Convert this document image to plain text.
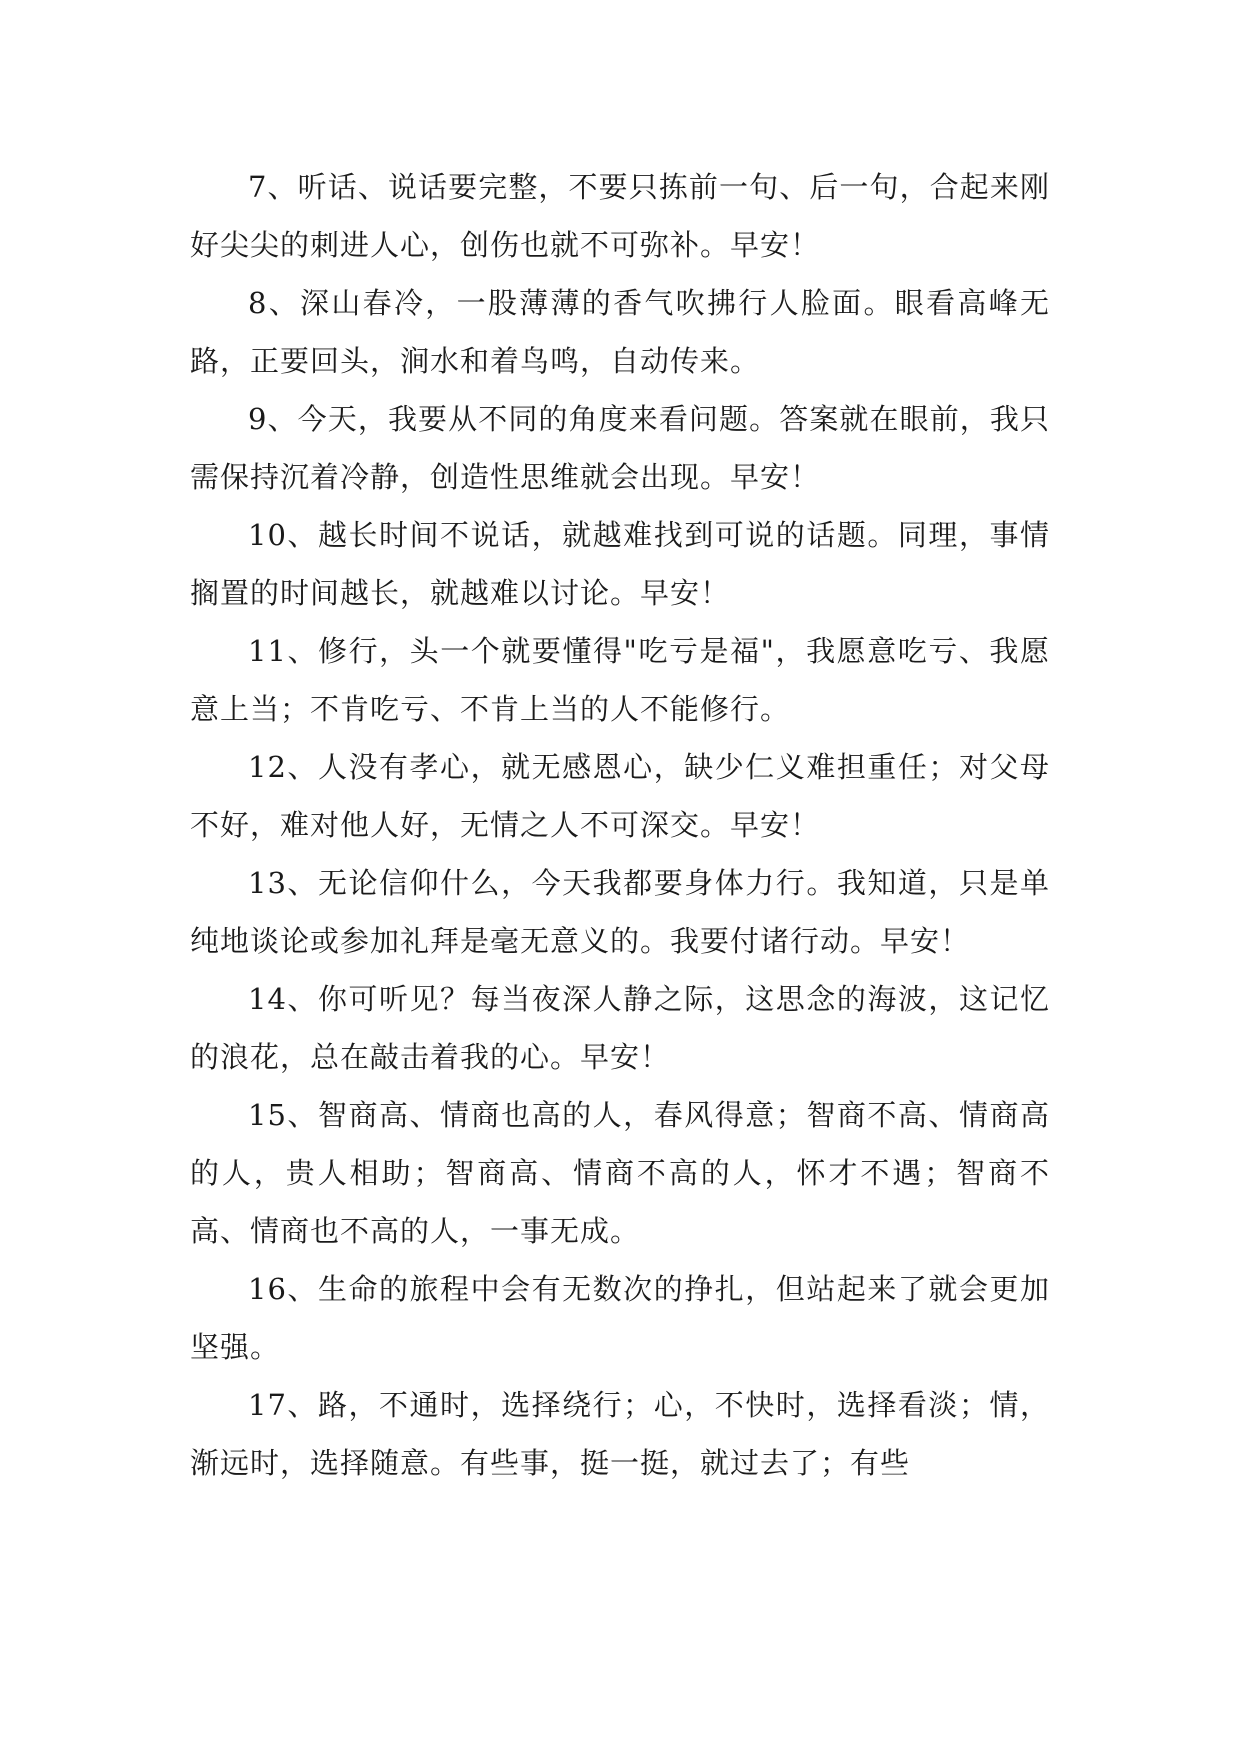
7、听话、说话要完整，不要只拣前一句、后一句，合起来刚好尖尖的刺进人心，创伤也就不可弥补。早安！

8、深山春冷，一股薄薄的香气吹拂行人脸面。眼看高峰无路，正要回头，涧水和着鸟鸣，自动传来。

9、今天，我要从不同的角度来看问题。答案就在眼前，我只需保持沉着冷静，创造性思维就会出现。早安！

10、越长时间不说话，就越难找到可说的话题。同理，事情搁置的时间越长，就越难以讨论。早安！

11、修行，头一个就要懂得"吃亏是福"，我愿意吃亏、我愿意上当；不肯吃亏、不肯上当的人不能修行。

12、人没有孝心，就无感恩心，缺少仁义难担重任；对父母不好，难对他人好，无情之人不可深交。早安！

13、无论信仰什么，今天我都要身体力行。我知道，只是单纯地谈论或参加礼拜是毫无意义的。我要付诸行动。早安！

14、你可听见？每当夜深人静之际，这思念的海波，这记忆的浪花，总在敲击着我的心。早安！

15、智商高、情商也高的人，春风得意；智商不高、情商高的人，贵人相助；智商高、情商不高的人，怀才不遇；智商不高、情商也不高的人，一事无成。

16、生命的旅程中会有无数次的挣扎，但站起来了就会更加坚强。

17、路，不通时，选择绕行；心，不快时，选择看淡；情，渐远时，选择随意。有些事，挺一挺，就过去了；有些
